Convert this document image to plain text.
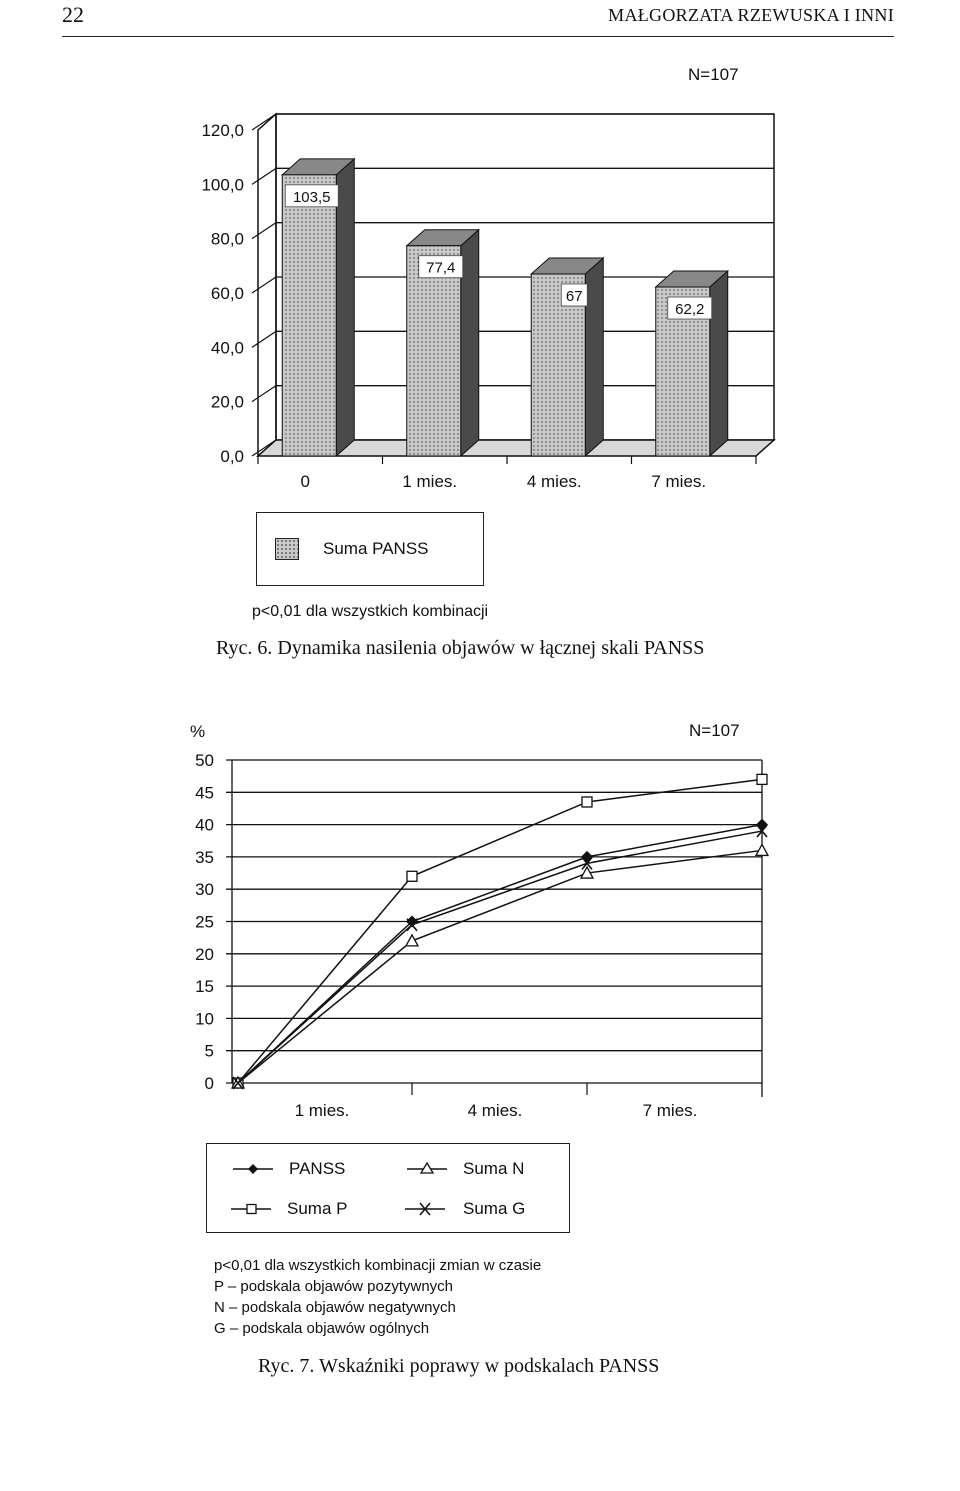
22	MAŁGORZATA RZEWUSKA I INNI
N=107
0,0
20,0
40,0
60,0
80,0
100,0
120,0
0	1 mies.	4 mies.	7 mies.
103,5
77,4
67
62,2
Suma PANSS
p<0,01 dla wszystkich kombinacji
Ryc. 6. Dynamika nasilenia objawów w łącznej skali PANSS
N=107
0
5
10
15
20
25
30
35
40
45
50
%
1 mies.	4 mies.	7 mies.
PANSS
Suma P
Suma N
Suma G
p<0,01 dla wszystkich kombinacji zmian w czasie
P – podskala objawów pozytywnych
N – podskala objawów negatywnych
G – podskala objawów ogólnych
Ryc. 7. Wskaźniki poprawy w podskalach PANSS
